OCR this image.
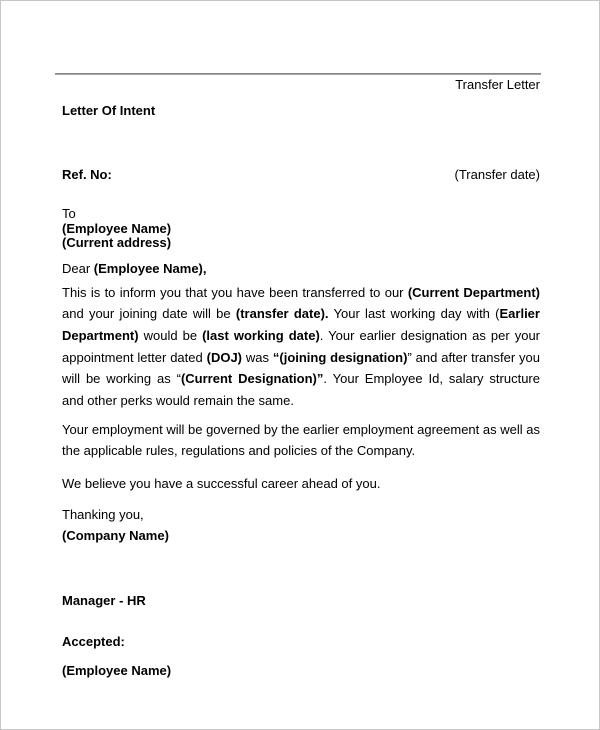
Transfer Letter
Letter Of Intent
Ref. No:	(Transfer date)
To
(Employee Name)
(Current address)
Dear (Employee Name),

This is to inform you that you have been transferred to our (Current Department) and your joining date will be (transfer date). Your last working day with (Earlier Department) would be (last working date). Your earlier designation as per your appointment letter dated (DOJ) was “(joining designation)” and after transfer you will be working as “(Current Designation)”. Your Employee Id, salary structure and other perks would remain the same.

Your employment will be governed by the earlier employment agreement as well as the applicable rules, regulations and policies of the Company.

We believe you have a successful career ahead of you.
Thanking you,
(Company Name)
Manager - HR
Accepted:
(Employee Name)
